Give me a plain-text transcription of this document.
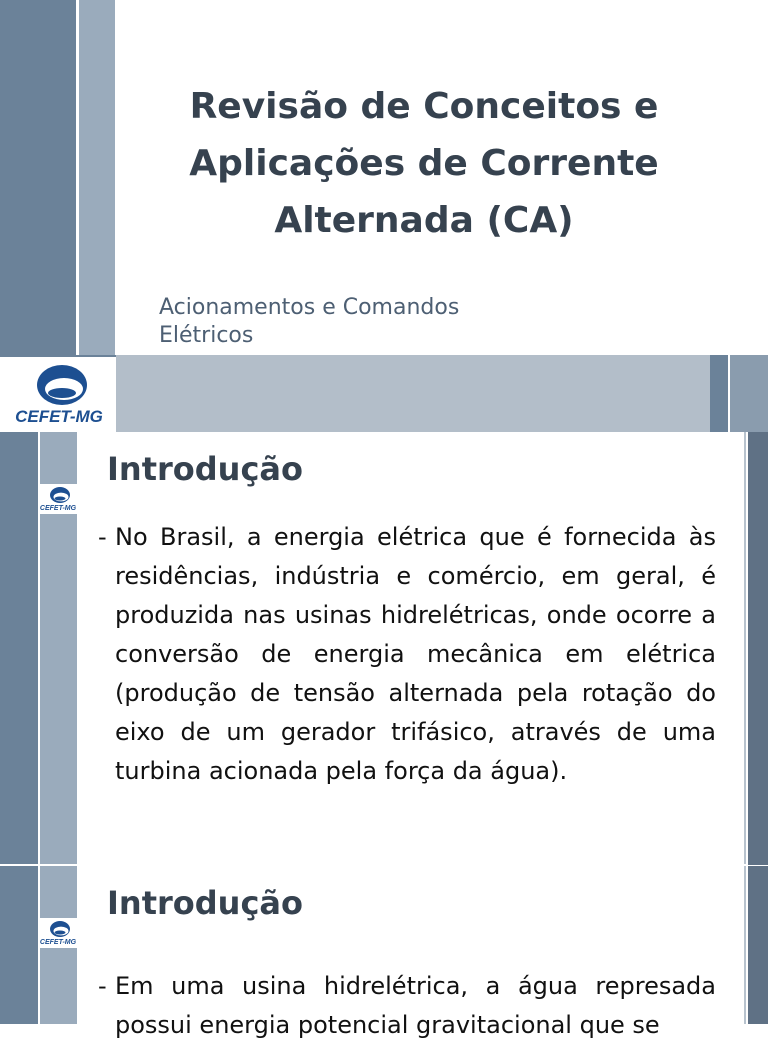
Revisão de Conceitos e Aplicações de Corrente Alternada (CA)

Acionamentos e Comandos Elétricos

CEFET-MG
CEFET-MG
Introdução

- No Brasil, a energia elétrica que é fornecida às residências, indústria e comércio, em geral, é produzida nas usinas hidrelétricas, onde ocorre a conversão de energia mecânica em elétrica (produção de tensão alternada pela rotação do eixo de um gerador trifásico, através de uma turbina acionada pela força da água).

CEFET-MG
Introdução

- Em uma usina hidrelétrica, a água represada possui energia potencial gravitacional que se
